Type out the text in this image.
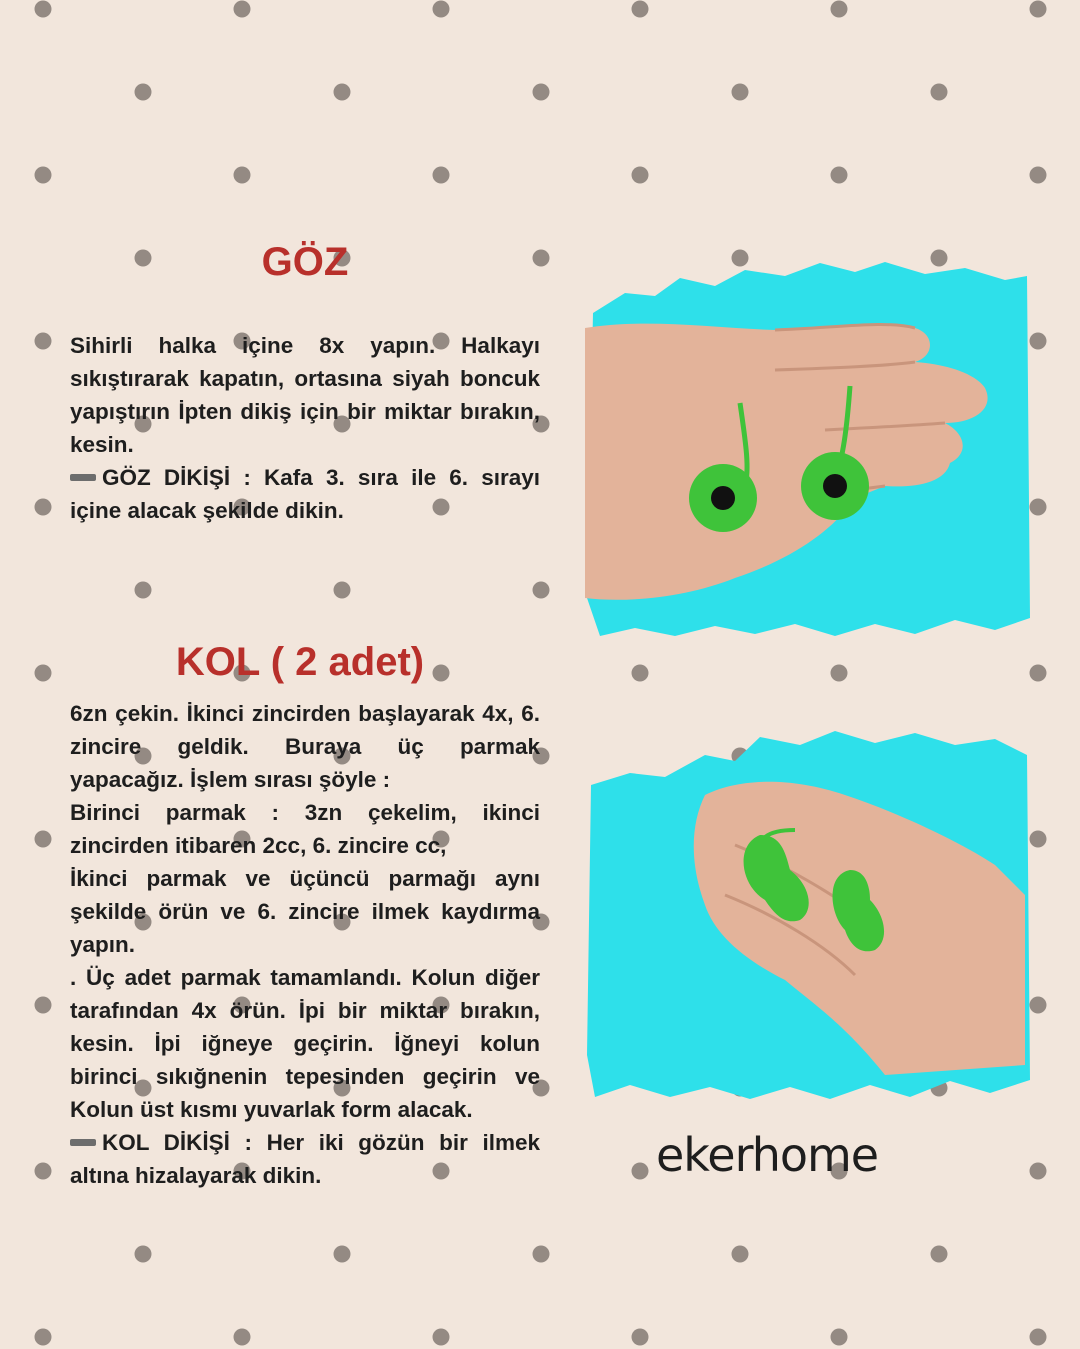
GÖZ

Sihirli halka içine 8x yapın. Halkayı sıkıştırarak kapatın, ortasına siyah boncuk yapıştırın İpten dikiş için bir miktar bırakın, kesin.

GÖZ DİKİŞİ : Kafa 3. sıra ile 6. sırayı içine alacak şekilde dikin.

KOL ( 2 adet)

6zn çekin. İkinci zincirden başlayarak 4x, 6. zincire geldik. Buraya üç parmak yapacağız. İşlem sırası şöyle :

Birinci parmak : 3zn çekelim, ikinci zincirden itibaren 2cc, 6. zincire cc,

İkinci parmak ve üçüncü parmağı aynı şekilde örün ve 6. zincire ilmek kaydırma yapın.

. Üç adet parmak tamamlandı. Kolun diğer tarafından 4x örün. İpi bir miktar bırakın, kesin. İpi iğneye geçirin. İğneyi kolun birinci sıkığnenin tepesinden geçirin ve Kolun üst kısmı yuvarlak form alacak.

KOL DİKİŞİ : Her iki gözün bir ilmek altına hizalayarak dikin.	ekerhome
